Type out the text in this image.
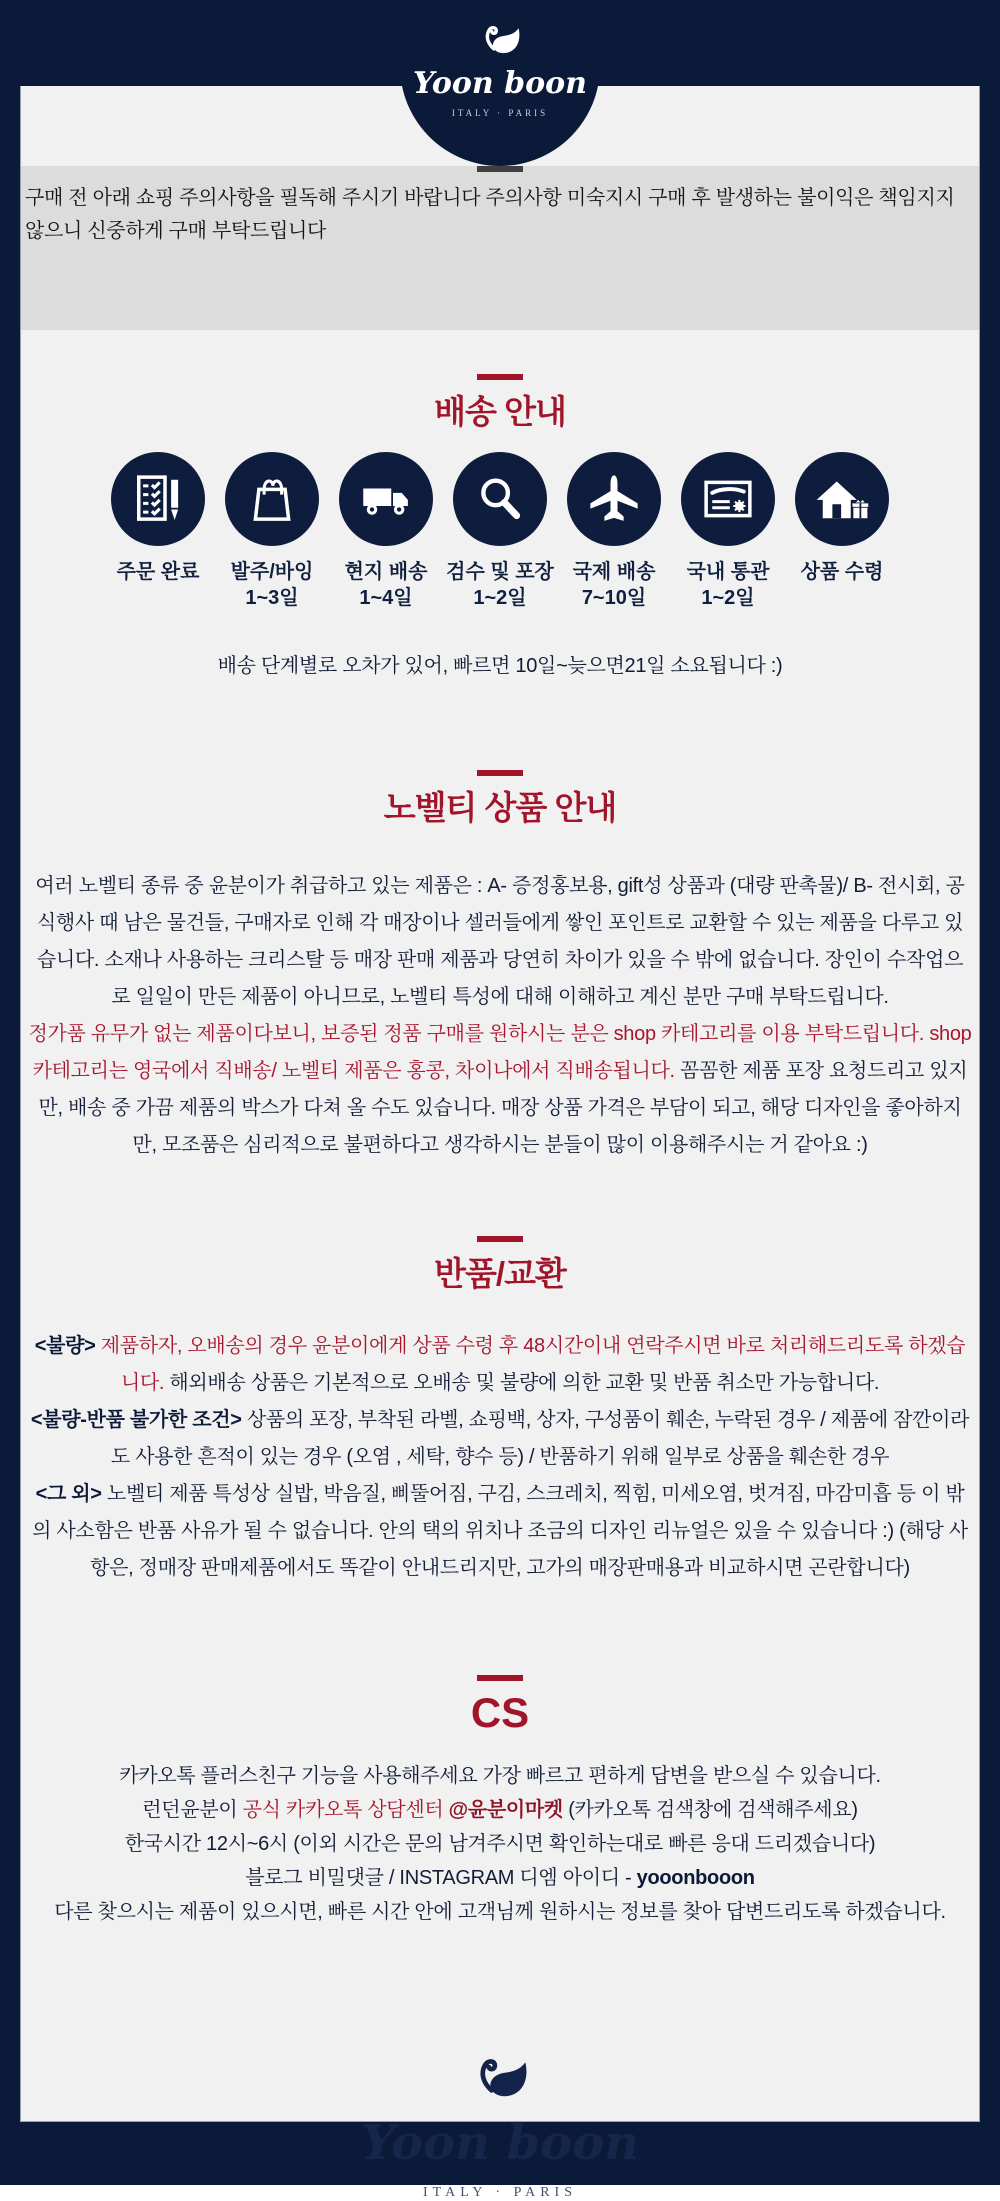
Yoon boon
ITALY · PARIS

구매 전 아래 쇼핑 주의사항을 필독해 주시기 바랍니다 주의사항 미숙지시 구매 후 발생하는 불이익은 책임지지 않으니 신중하게 구매 부탁드립니다

배송 안내
주문 완료 발주/바잉
1~3일
현지 배송
1~4일
검수 및 포장
1~2일
국제 배송
7~10일
국내 통관
1~2일
상품 수령

배송 단계별로 오차가 있어, 빠르면 10일~늦으면21일 소요됩니다 :)

노벨티 상품 안내

여러 노벨티 종류 중 윤분이가 취급하고 있는 제품은 : A- 증정홍보용, gift성 상품과 (대량 판촉물)/ B- 전시회, 공식행사 때 남은 물건들, 구매자로 인해 각 매장이나 셀러들에게 쌓인 포인트로 교환할 수 있는 제품을 다루고 있습니다. 소재나 사용하는 크리스탈 등 매장 판매 제품과 당연히 차이가 있을 수 밖에 없습니다. 장인이 수작업으로 일일이 만든 제품이 아니므로, 노벨티 특성에 대해 이해하고 계신 분만 구매 부탁드립니다.

정가품 유무가 없는 제품이다보니, 보증된 정품 구매를 원하시는 분은 shop 카테고리를 이용 부탁드립니다. shop카테고리는 영국에서 직배송/ 노벨티 제품은 홍콩, 차이나에서 직배송됩니다. 꼼꼼한 제품 포장 요청드리고 있지만, 배송 중 가끔 제품의 박스가 다쳐 올 수도 있습니다. 매장 상품 가격은 부담이 되고, 해당 디자인을 좋아하지만, 모조품은 심리적으로 불편하다고 생각하시는 분들이 많이 이용해주시는 거 같아요 :)

반품/교환

<불량> 제품하자, 오배송의 경우 윤분이에게 상품 수령 후 48시간이내 연락주시면 바로 처리해드리도록 하겠습니다. 해외배송 상품은 기본적으로 오배송 및 불량에 의한 교환 및 반품 취소만 가능합니다.

<불량-반품 불가한 조건> 상품의 포장, 부착된 라벨, 쇼핑백, 상자, 구성품이 훼손, 누락된 경우 / 제품에 잠깐이라도 사용한 흔적이 있는 경우 (오염 , 세탁, 향수 등) / 반품하기 위해 일부로 상품을 훼손한 경우

<그 외> 노벨티 제품 특성상 실밥, 박음질, 삐뚤어짐, 구김, 스크레치, 찍힘, 미세오염, 벗겨짐, 마감미흡 등 이 밖의 사소함은 반품 사유가 될 수 없습니다. 안의 택의 위치나 조금의 디자인 리뉴얼은 있을 수 있습니다 :) (해당 사항은, 정매장 판매제품에서도 똑같이 안내드리지만, 고가의 매장판매용과 비교하시면 곤란합니다)

CS

카카오톡 플러스친구 기능을 사용해주세요 가장 빠르고 편하게 답변을 받으실 수 있습니다.

런던윤분이 공식 카카오톡 상담센터 @윤분이마켓 (카카오톡 검색창에 검색해주세요)

한국시간 12시~6시 (이외 시간은 문의 남겨주시면 확인하는대로 빠른 응대 드리겠습니다)

블로그 비밀댓글 / INSTAGRAM 디엠 아이디 - yooonbooon

다른 찾으시는 제품이 있으시면, 빠른 시간 안에 고객님께 원하시는 정보를 찾아 답변드리도록 하겠습니다.

Yoon boon
ITALY · PARIS
